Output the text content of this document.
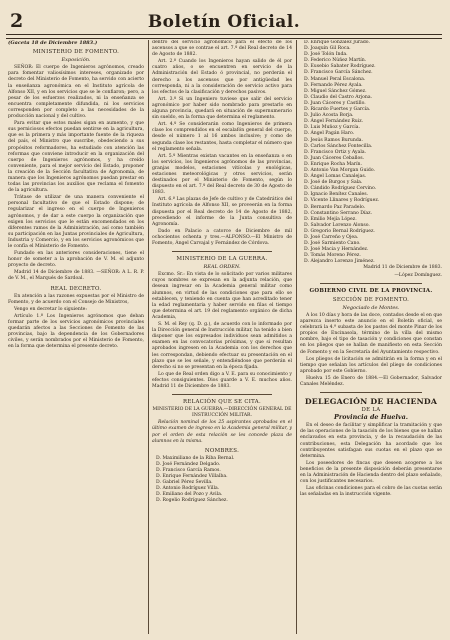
2	Boletín Oficial.

(Gaceta 18 de Diciembre 1883.)

MINISTERIO DE FOMENTO.
Exposición.

SEÑOR: El cuerpo de Ingenieros agrónomos, creado para fomentar valiosísimos intereses, organizado por decreto del Ministerio de Fomento, ha servido con acierto la enseñanza agronómica en el Instituto agrícola de Alfonso XII, y en los servicios que se le confiaron; pero, a pesar de los esfuerzos realizados, ni la enseñanza se encuentra completamente difundida, ni los servicios corresponden por completo a las necesidades de la producción nacional y del cultivo.

Para evitar que estos males sigan en aumento, y que sus perniciosos efectos puedan sentirse en la agricultura, que es la primera y más importante fuente de la riqueza del país, el Ministro que suscribe, obedeciendo a sus propósitos reformadores, ha estudiado con atención las reformas que conviene introducir en la organización del cuerpo de Ingenieros agrónomos, y ha creído conveniente, para el mejor servicio del Estado, proponer la creación de la Sección facultativa de Agronomía, de manera que los Ingenieros agrónomos puedan prestar en todas las provincias los auxilios que reclama el fomento de la agricultura.

Trátase de utilizar de una manera conveniente el personal facultativo de que el Estado dispone; de regularizar el ingreso en el cuerpo de Ingenieros agrónomos, y de dar a este cuerpo la organización que exigen los servicios que le están encomendados en los diferentes ramos de la Administración, así como también su participación en las Juntas provinciales de Agricultura, Industria y Comercio, y en los servicios agronómicos que le confía el Ministerio de Fomento.

Fundado en las anteriores consideraciones, tiene el honor de someter a la aprobación de V. M. el adjunto proyecto de decreto.

Madrid 14 de Diciembre de 1883. —SEÑOR: A L. R. P. de V. M., el Marqués de Sardoal.

REAL DECRETO.

En atención a las razones expuestas por el Ministro de Fomento, y de acuerdo con el Consejo de Ministros,

Vengo en decretar lo siguiente:

Artículo 1.º Los Ingenieros agrónomos que deban formar parte de los servicios agronómicos provinciales quedarán afectos a las Secciones de Fomento de las provincias, bajo la dependencia de los Gobernadores civiles, y serán nombrados por el Ministerio de Fomento, en la forma que determina el presente decreto.

dentro del servicio agronómico para el efecto de los ascensos a que se contrae el art. 7.º del Real decreto de 14 de Agosto de 1882.

Art. 2.º Cuando los Ingenieros hayan salido de él por cuatro años, o se encuentren en servicio de la Administración del Estado ó provincial, no perderán el derecho a los ascensos que por antigüedad les corresponda, ni a la consideración de servicio activo para los efectos de la clasificación y derechos pasivos.

Art. 3.º Si un Ingeniero tuviese que salir del servicio agronómico por haber sido nombrado para prestarlo en alguna provincia, quedará en situación de supernumerario sin sueldo, en la forma que determina el reglamento.

Art. 4.º Se considerarán como Ingenieros de primera clase los comprendidos en el escalafón general del cuerpo, desde el número 1 al 16 ambos inclusive; y como de segunda clase los restantes, hasta completar el número que el reglamento señala.

Art. 5.º Mientras existan vacantes en la enseñanza o en los servicios, los Ingenieros agrónomos de las provincias, granjas modelos, estaciones vitícolas y enológicas, estaciones meteorológicas y otros servicios, serán destinados por el Ministerio de Fomento, según lo dispuesto en el art. 7.º del Real decreto de 30 de Agosto de 1883.

Art. 6.º Las plazas de Jefe de cultivo y de Catedrático del Instituto agrícola de Alfonso XII, se proveerán en la forma dispuesta por el Real decreto de 14 de Agosto de 1882, precediendo el informe de la Junta consultiva de Agronomía.

Dado en Palacio a catorce de Diciembre de mil ochocientos ochenta y tres.—ALFONSO.—El Ministro de Fomento, Ángel Carvajal y Fernández de Córdova.

MINISTERIO DE LA GUERRA.
REAL ORDEN.

Excmo. Sr.: En vista de lo solicitado por varios militares cuyos nombres se expresan en la adjunta relación, que desean ingresar en la Academia general militar como alumnos, en virtud de las condiciones que para ello se establecen, y teniendo en cuenta que han acreditado tener la edad reglamentaria y haber servido en filas el tiempo que determina el art. 19 del reglamento orgánico de dicha Academia,

S. M. el Rey (q. D. g.), de acuerdo con lo informado por la Dirección general de Instrucción militar, ha tenido a bien disponer que los expresados individuos sean admitidos a examen en las convocatorias próximas, y que si resultan aprobados ingresen en la Academia con los derechos que les correspondan, debiendo efectuar su presentación en el plazo que se les señale, y entendiéndose que perderán el derecho si no se presentan en la época fijada.

Lo que de Real orden digo a V. E. para su conocimiento y efectos consiguientes. Dios guarde a V. E. muchos años. Madrid 11 de Diciembre de 1883.

RELACIÓN QUE SE CITA.

MINISTERIO DE LA GUERRA.—DIRECCIÓN GENERAL DE INSTRUCCIÓN MILITAR.

Relación nominal de los 25 aspirantes aprobados en el último examen de ingreso en la Academia general militar, y por el orden de esta relación se les concede plaza de alumnos en la misma.

NOMBRES.

D. Maximiliano de la Riba Bernal.

D. José Fernández Delgado.

D. Francisco García Ramos.

D. Enrique Fernández Villalba.

D. Gabriel Pérez Sevilla.

D. Antonio Rodríguez Villa.

D. Emiliano del Pozo y Avila.

D. Rogelio Rodríguez Sánchez.

D. Enrique González Jurado.

D. Joaquín Gil Roca.

D. José Tolón Inda.

D. Federico Núñez Martín.

D. Eusebio Sabater Rodríguez.

D. Francisco García Sánchez.

D. Manuel Peral Escalona.

D. Fernando Pérez Ayala.

D. Miguel Sánchez Gómez.

D. Claudio del Castro Arjona.

D. Juan Cáceres y Castillo.

D. Ricardo Fuertes y García.

D. Julio Acosta Borja.

D. Ángel Fernández Ruiz.

D. Luis Muñoz y García.

D. Ángel Pagán Haro.

D. Jesús Ramos Burunda.

D. Carlos Sánchez Fontecilla.

D. Francisco Ortiz y Ayala.

D. Juan Cáceres Ceballos.

D. Enrique Rocha Marín.

D. Antonio Van Morgan Guido.

D. Ángel Lomas Canalejas.

D. José de Burgos y Sala.

D. Cándido Rodríguez Cervino.

D. Ignacio Benítez Canales.

D. Vicente Llinares y Rodríguez.

D. Bernardo Paz Paradelo.

D. Constantino Serrano Díaz.

D. Emilio Mejía López.

D. Salvador Lorenzo Alonso.

D. Gregorio Bernal Rodríguez.

D. José Carreño y Ojea.

D. José Sarmiento Cano.

D. José Macia y Hernández.

D. Tomás Moreno Pérez.

D. Alejandro Lorenzo Jiménez.

Madrid 11 de Diciembre de 1883.

—López Domínguez.

GOBIERNO CIVIL DE LA PROVINCIA.
SECCIÓN DE FOMENTO.
Negociado de Montes.

A los 10 días y hora de las doce, contados desde el en que aparezca inserto este anuncio en el Boletín oficial, se celebrará la 4.ª subasta de los pastos del monte Pinar de los propios de Encinasola, término de la villa del mismo nombre, bajo el tipo de tasación y condiciones que constan en los pliegos que se hallan de manifiesto en esta Sección de Fomento y en la Secretaría del Ayuntamiento respectivo.

Los pliegos de licitación se admitirán en la forma y en el tiempo que señalan los artículos del pliego de condiciones aprobado por este Gobierno.

Huelva 15 de Enero de 1884.—El Gobernador, Salvador Canales Meléndez.

DELEGACIÓN DE HACIENDA
DE LA
Provincia de Huelva.

En el deseo de facilitar y simplificar la tramitación y que de las operaciones de la tasación de los bienes que se hallan enclavados en esta provincia, y de la recaudación de las contribuciones, esta Delegación ha acordado que los contribuyentes satisfagan sus cuotas en el plazo que se determina.

Los poseedores de fincas que deseen acogerse a los beneficios de la presente disposición deberán presentarse en la Administración de Hacienda dentro del plazo señalado, con los justificantes necesarios.

Las oficinas condiciones para el cobro de las cuotas serán las señaladas en la instrucción vigente.
